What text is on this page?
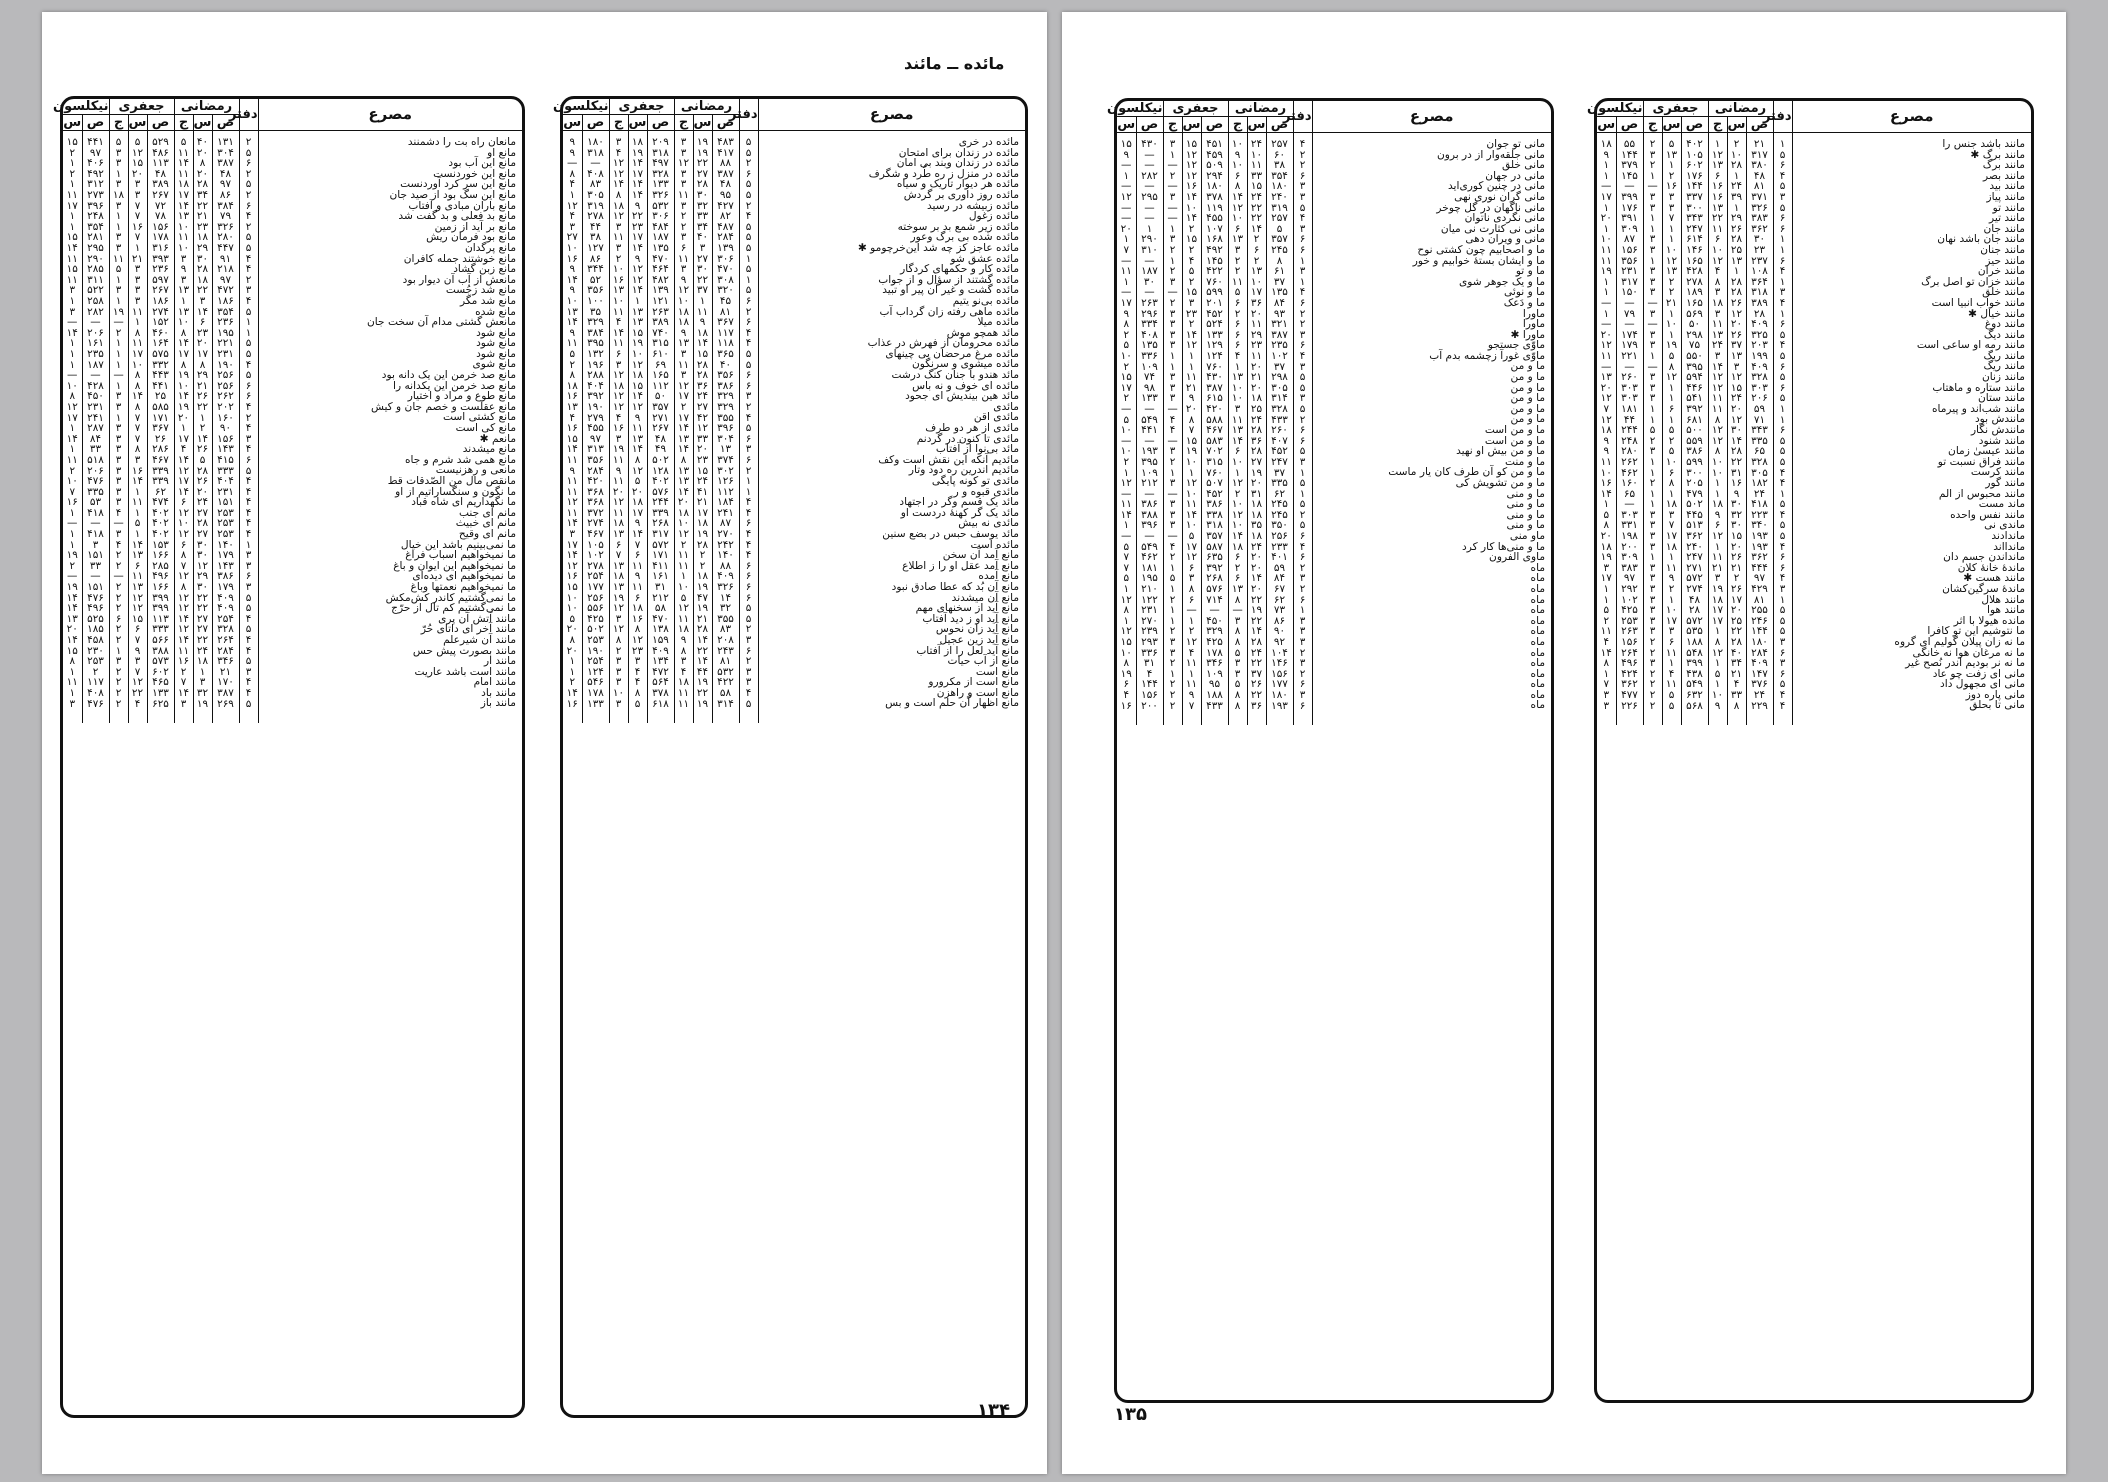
مائده ــ مائند
مصرع	دفتر	رمضانی			جعفری			نیکلسون	
		ص	س	ج	ص	س	ج	ص	س
مانعان راه بت را دشمنند	۲	۱۳۱	۴۰	۵	۵۲۹	۵	۵	۴۴۱	۱۵
مانع او	۵	۳۰۴	۲۰	۱۱	۴۸۶	۱۲	۳	۹۷	۲
مانع این آب بود	۶	۳۸۷	۸	۱۴	۱۱۳	۱۵	۳	۴۰۶	۱
مانع این خوردنست	۲	۴۸	۲۰	۱۱	۴۸	۲۰	۱	۴۹۲	۲
مانع این سر کرد آوردنست	۵	۹۷	۲۸	۱۸	۳۸۹	۳	۳	۳۱۲	۱
مانع این سگ بود از صید جان	۲	۸۶	۳۴	۱۷	۲۶۷	۳	۱۸	۲۷۳	۱۱
مانع باران مبادی و آفتاب	۶	۳۸۴	۲۲	۱۴	۷۲	۷	۳	۳۹۶	۱۷
مانع بد فعلی و بد گفت شد	۴	۷۹	۲۱	۱۳	۷۸	۷	۱	۲۴۸	۱
مانع بر آید از زمین	۲	۳۲۶	۲۳	۱۰	۱۵۶	۱۶	۱	۳۵۴	۱
مانع بود فرمان ریش	۵	۲۸۰	۱۸	۱۱	۱۷۸	۷	۳	۲۸۱	۱۵
مانع پرگدان	۵	۴۴۷	۲۹	۱۰	۳۱۶	۱	۳	۲۹۵	۱۴
مانع خوشتند جمله کافران	۴	۹۱	۳۰	۳	۳۹۳	۲۱	۱۱	۲۹۰	۱۱
مانع زبن گشاد	۴	۲۱۸	۲۸	۹	۲۳۶	۳	۵	۲۸۵	۱۵
مانعش از آب آن دیوار بود	۲	۹۷	۱۸	۳	۵۹۷	۳	۱	۳۱۱	۱۱
مانع شد زجُست	۳	۴۷۲	۲۲	۱۳	۲۶۷	۳	۳	۵۲۲	۳
مانع شد مگر	۴	۱۸۶	۳	۱	۱۸۶	۳	۱	۲۵۸	۱
مانع شده	۵	۳۵۴	۱۴	۱۳	۲۷۴	۱۱	۱۹	۲۸۲	۳
مانعش گشتی مدام آن سخت جان	۱	۲۳۶	۶	۱۰	۱۵۲	۱	—	—	—
مانع شود	۱	۱۹۵	۲۳	۸	۴۶۰	۸	۲	۲۰۶	۱۴
مانع شود	۵	۲۲۱	۲۰	۱۴	۱۶۴	۱۱	۱	۱۶۱	۱
مانع شود	۵	۲۳۱	۱۷	۱۷	۵۷۵	۱۷	۱	۲۳۵	۱
مانع شوی	۴	۱۹۰	۸	۸	۳۳۲	۱۰	۱	۱۸۷	۱
مانع صد خرمن این یک دانه بود	۵	۲۵۶	۲۹	۱۹	۴۴۳	۸	—	—	—
مانع صد خرمن این یکدانه را	۶	۲۵۶	۲۱	۱۰	۴۴۱	۸	۱	۴۲۸	۱۰
مانع طوع و مراد و اختیار	۶	۲۶۲	۲۶	۱۴	۲۵	۱۴	۳	۴۵۰	۸
مانع عقلست و خصم جان و کیش	۴	۲۰۲	۲۲	۱۹	۵۸۵	۸	۳	۲۳۱	۱۲
مانع کشتی است	۲	۱۶۰	۱	۲۰	۱۷۱	۷	۱	۲۴۱	۱۷
مانع کی است	۴	۹۰	۲	۱	۳۶۷	۷	۳	۲۸۷	۱
مانعم ✱	۳	۱۵۶	۱۴	۱۷	۲۶	۷	۳	۸۴	۱۴
مانع میشدند	۴	۱۴۳	۲۶	۴	۲۸۶	۸	۳	۳۳	۱
مانع همی شد شرم و جاه	۶	۴۱۵	۵	۱۴	۴۶۷	۳	۳	۵۱۸	۱۱
مانعی و رهزنیست	۵	۳۳۳	۲۸	۱۲	۳۳۹	۱۶	۳	۲۰۶	۲
مانقص مال من الصّدقات قط	۴	۴۰۴	۲۶	۱۷	۳۳۹	۱۴	۳	۴۷۶	۱۰
ما نگون و سنگساراتیم از او	۴	۲۳۱	۲۰	۱۴	۶۲	۱	۳	۳۳۵	۷
ما نگهداریم ای شاه قباد	۴	۱۵۱	۲۴	۶	۴۷۴	۱۱	۳	۵۳	۱۶
مانم ای جنب	۴	۲۵۳	۲۷	۱۲	۴۰۲	۱	۴	۴۱۸	۱
مانم ای خبیث	۴	۲۵۳	۲۸	۱۰	۴۰۲	۵	—	—	—
مانم ای وقیح	۴	۲۵۳	۲۷	۱۲	۴۰۲	۱	۳	۴۱۸	۱
ما نمی‌بینیم باشد این خیال	۱	۱۴۰	۳۰	۶	۱۵۳	۱۴	۴	۳	۱
ما نمیخواهیم اسباب فراغ	۳	۱۷۹	۳۰	۸	۱۶۶	۱۳	۲	۱۵۱	۱۹
ما نمیخواهیم این ایوان و باغ	۳	۱۴۳	۱۲	۷	۲۸۵	۶	۲	۳۳	۲
ما نمیخواهیم ای دیده‌ای	۶	۳۸۶	۲۹	۱۲	۴۹۶	۱۱	—	—	—
ما نمیخواهیم نعمتها وباغ	۳	۱۷۹	۳۰	۸	۱۶۶	۱۳	۲	۱۵۱	۱۹
ما نمی‌گشتیم کاندر کش‌مکش	۵	۴۰۹	۲۲	۱۲	۳۹۹	۱۲	۲	۴۷۶	۱۴
ما نمی‌گشتیم کم تال از حرّج	۵	۴۰۹	۲۲	۱۲	۳۹۹	۱۲	۲	۴۹۶	۱۴
مانند آتش آن پری	۴	۲۵۴	۲۷	۱۴	۱۱۳	۱۵	۶	۵۲۵	۱۳
مانند آخر ای داتای حُرّ	۵	۳۲۸	۲۷	۱۲	۳۳۳	۶	۲	۱۸۵	۲۰
مانند آن شیرعلم	۴	۲۶۴	۲۲	۱۴	۵۶۶	۷	۲	۴۵۸	۱۴
مانند بصورت پیش حس	۴	۲۸۴	۲۴	۱۱	۳۸۸	۹	۱	۲۳۰	۱۵
مانند ار	۵	۳۴۶	۱۸	۱۶	۵۷۳	۳	۳	۲۵۳	۸
مانند است باشد عاریت	۳	۲۱	۱	۲	۶۰۲	۷	۲	۲	۱
مانند امام	۴	۱۷۰	۳	۷	۴۶۵	۱۲	۲	۱۱۷	۱۱
مانند باد	۴	۳۸۷	۳۲	۱۴	۱۳۳	۲۲	۲	۴۰۸	۱
مانند باز	۵	۲۶۹	۱۹	۳	۶۲۵	۴	۲	۴۷۶	۳
مصرع	دفتر	رمضانی			جعفری			نیکلسون	
		ص	س	ج	ص	س	ج	ص	س
مائده در خری	۵	۴۸۳	۱۹	۳	۲۰۹	۱۸	۳	۱۸۰	۹
مائده در زندان برای امتحان	۵	۴۱۷	۱۹	۳	۳۱۸	۱۹	۴	۳۱۸	۹
مائده در زندان وبند بی امان	۲	۸۸	۲۲	۱۲	۴۹۷	۱۴	۱۲	—	—
مائده در منزل ز ره طُرد و شگرف	۶	۳۸۷	۲۷	۳	۳۲۸	۱۷	۱۲	۴۰۸	۸
مائده هر دیوار تاریک و سیاه	۵	۴۸	۲۸	۳	۱۳۳	۱۴	۱۴	۸۳	۴
مائده روز داوری بر گردش	۵	۹۵	۳۰	۱۱	۳۲۶	۱۴	۸	۳۰۵	۱
مائده زبیشه در رسید	۲	۴۲۷	۳۲	۳	۵۳۲	۹	۱۸	۳۱۹	۱۲
مائده زغول	۴	۸۲	۳۳	۲	۳۰۶	۲۲	۱۲	۲۷۸	۴
مائده زیر شمع بد بر سوخته	۵	۴۸۷	۳۴	۲	۴۸۴	۲۳	۳	۴۴	۳
مائده شده بی برگ وعور	۵	۲۸۴	۴۰	۳	۱۸۷	۱۷	۱۱	۳۸	۲۷
مائده عاجز کز چه شد این‌خرچومو ✱	۵	۱۳۹	۳	۶	۱۳۵	۱۴	۳	۱۲۷	۱۰
مائده عشق شو	۱	۳۰۶	۲۷	۱۱	۴۷۰	۹	۲	۸۶	۱۶
مائده کار و حکمهای کردگار	۵	۴۷۰	۳۰	۳	۴۶۴	۱۲	۱۰	۳۴۴	۹
مائده گشتند از سؤال و از جواب	۱	۳۰۸	۲۲	۹	۴۸۲	۱۲	۱۶	۵۲	۱۴
مائده گشت و غیر آن پیر او تبید	۵	۳۲۰	۳۷	۱۲	۱۳۹	۱۴	۱۳	۳۵۶	۹
مائده بی‌نو یتیم	۶	۴۵	۱	۱۰	۱۲۱	۱	۱۰	۱۰۰	۱۰
مائده ماهی رفته زان گرداب آب	۲	۸۱	۱۱	۱۸	۲۶۳	۱۳	۱۱	۳۵	۱۳
مائده میلا	۶	۳۶۷	۹	۱۸	۳۸۹	۱۳	۴	۳۲۹	۱۴
مائد همچو موش	۴	۱۱۷	۱۸	۹	۷۴۰	۱۵	۱۴	۳۸۴	۹
مائده محرومان از فهرش در عذاب	۴	۱۱۸	۱۴	۱۳	۳۱۵	۱۹	۱۱	۳۹۵	۱۱
مائده مرغ مرحضان بی چینهای	۵	۳۶۵	۱۵	۳	۶۱۰	۱۰	۶	۱۳۲	۵
مائده میشوی و سرنگون	۵	۴۰	۲۸	۱۱	۶۹	۱۲	۳	۱۹۶	۲
مائد هندو با جنان کنگ درشت	۶	۳۵۶	۲۸	۳	۱۶۵	۱۸	۱۲	۲۸۸	۸
مائده ای خوف و نه باس	۶	۳۸۶	۳۶	۱۲	۱۱۲	۱۵	۱۸	۴۰۴	۱۸
مائد هین بیندیش ای جحود	۳	۳۲۹	۲۴	۱۷	۵۰	۱۴	۱۲	۳۹۲	۱۶
مائدی	۲	۳۲۹	۲۷	۲	۳۵۷	۱۲	۱۲	۱۹۰	۱۳
مائدی اقن	۴	۳۵۵	۴۲	۱۷	۲۷۱	۹	۴	۲۷۹	۴
مائدی از هر دو طرف	۵	۳۹۶	۱۲	۱۴	۲۶۷	۱۱	۱۶	۴۵۵	۱۶
مائدی تا کنون در گردنم	۶	۳۰۴	۳۳	۱۳	۴۸	۱۳	۳	۹۷	۱۵
مائد بی‌نوا از آفتاب	۳	۱۳	۲۰	۱۴	۴۹	۱۴	۱۹	۳۱۳	۱۴
مائدیم آنکه این نقش است وکف	۶	۳۷۴	۲۳	۸	۵۰۲	۸	۱۱	۳۵۶	۱۱
مائدیم اندرین ره دود وتار	۲	۳۰۲	۱۵	۱۳	۱۲۸	۱۲	۹	۲۸۴	۹
مائدی تو کونه پایگی	۱	۱۲۶	۲۴	۱۳	۴۰۲	۵	۱۱	۴۲۰	۱۱
مائدی قبوه و ر	۱	۱۱۲	۴۱	۱۴	۵۷۶	۲۰	۲۰	۳۶۸	۱۱
مائد یک قسم وگر در اجتهاد	۴	۱۸۴	۲۱	۲۰	۲۴۴	۱۸	۱۲	۳۶۸	۱۲
مائد یک گر کهنهٔ دردست او	۴	۲۴۱	۱۷	۱۸	۳۳۹	۱۷	۱۱	۳۷۲	۱۱
مائدی نه بیش	۶	۸۷	۱۸	۱۰	۲۶۸	۹	۱۸	۲۷۴	۱۴
مائد یوسف حبس در بضع سنین	۴	۲۷۰	۱۹	۱۲	۳۱۷	۱۴	۱۳	۴۶۷	۳
مائده است	۴	۲۴۲	۲۸	۲	۵۷۲	۷	۶	۱۰۵	۱۷
مانع آمد آن سخن	۴	۱۴۰	۲	۱۱	۱۷۱	۶	۷	۱۰۲	۱۴
مانع آمد عقل او را ز اطلاع	۶	۸۸	۲	۱۱	۴۱۱	۱۱	۱۳	۲۷۸	۱۲
مانع آمده	۶	۴۰۹	۱۸	۱	۱۶۱	۹	۱۸	۲۵۴	۱۶
مانع آن بُد که عطا صادق نبود	۶	۳۲۶	۱۹	۱۰	۳۱	۱۱	۱۳	۱۷۷	۱۵
مانع آن میشدند	۶	۱۴	۴۷	۵	۲۱۲	۶	۱۹	۲۵۶	۱۰
مانع آید از سخنهای مهم	۵	۳۲	۱۹	۱۲	۵۸	۱۸	۱۲	۵۵۶	۱۰
مانع آید او ز دید آفتاب	۵	۳۵۵	۲۱	۱۱	۴۷۰	۱۶	۳	۴۲۵	۵
مانع آید زان نحوس	۲	۸۳	۲۸	۱۸	۱۳۸	۸	۱۲	۵۰۲	۲۰
مانع آید زین عجیل	۳	۲۰۸	۱۴	۹	۱۵۹	۱۲	۸	۲۵۳	۸
مانع آید لعل را از آفتاب	۶	۲۴۳	۲۲	۸	۴۰۹	۲۳	۲	۱۹۰	۲۰
مانع از آب حیات	۲	۸۱	۱۴	۳	۱۳۴	۳	۳	۲۵۴	۱
مانع است	۳	۵۳۲	۴۴	۴	۴۷۲	۴	۳	۱۲۴	۱
مانع است از مکرورو	۳	۴۲۲	۱۹	۱۸	۵۶۴	۴	۳	۵۴۶	۲
مانع است و راهزن	۴	۵۸	۲۲	۱۱	۳۷۸	۸	۱۰	۱۷۸	۱۴
مانع اظهار آن حلم است و بس	۵	۳۱۴	۱۹	۱۱	۶۱۸	۵	۳	۱۳۳	۱۶
۱۳۴
مصرع	دفتر	رمضانی			جعفری			نیکلسون	
		ص	س	ج	ص	س	ج	ص	س
مانی تو جوان	۴	۲۵۷	۲۴	۱۰	۴۵۱	۱۵	۳	۴۳۰	۱۵
مانی جلقه‌وار از در برون	۲	۶۰	۱۰	۹	۴۵۹	۱۲	۱	—	۹
مانی خلق	۲	۳۸	۱۱	۱۰	۵۰۹	۱۲	—	—	—
مانی در جهان	۶	۳۵۴	۳۳	۶	۲۹۴	۱۲	۲	۲۸۲	۱
مانی در چنین کوری‌اید	۳	۱۸۰	۱۵	۸	۱۸۰	۱۶	—	—	—
مانی گران نوری نهی	۳	۲۴۰	۲۴	۱۴	۳۷۸	۱۴	۳	۲۹۵	۱۲
مانی ناگهان در گل چوخر	۵	۳۱۹	۲۲	۱۲	۱۱۹	۱۰	—	—	—
مانی نگردی ناتوان	۴	۲۵۷	۲۲	۱۰	۴۵۵	۱۴	—	—	—
مانی نی کثارت نی میان	۳	۵	۱۴	۶	۱۰۷	۲	۱	۱	۲۰
مانی و ویران دهی	۶	۳۵۷	۲	۱۳	۱۶۸	۱۵	۳	۲۹۰	۱
ما و اصحابیم چون کشتی نوح	۶	۲۴۵	۶	۳	۴۹۲	۲	۲	۳۱۰	۷
ما و ایشان بستهٔ خوابیم و خور	۱	۸	۲	۲	۱۴۵	۴	۱	—	—
ما و تو	۳	۶۱	۱۳	۲	۴۲۲	۵	۲	۱۸۷	۱۱
ما و یک جوهر شوی	۱	۳۷	۱۰	۱۱	۷۶۰	۲	۳	۳۰	۱
ما و نوئی	۴	۱۳۵	۱۷	۵	۵۹۹	۱۵	—	—	—
ما و دَعک	۶	۸۴	۳۶	۶	۲۰۱	۳	۲	۲۶۳	۱۷
ماورا	۲	۹۳	۲۰	۲	۴۵۲	۲۳	۳	۲۹۶	۹
ماورا	۲	۳۲۱	۱۱	۶	۵۲۴	۲	۳	۳۳۴	۸
ماورا ✱	۳	۳۸۷	۲۹	۶	۱۳۳	۱۴	۳	۴۰۸	۲
ماوّی جستجو	۶	۲۳۵	۲۳	۶	۱۲۹	۱۲	۳	۱۳۵	۵
ماوّی غورآ زچشمه بدم آب	۴	۱۰۲	۱۱	۴	۱۲۴	۱	۱	۳۳۶	۱۰
ما و من	۳	۳۷	۲۰	۱	۷۶۰	۱	۱	۱۰۹	۲
ما و من	۵	۲۹۸	۲۱	۱۳	۴۳۰	۱۱	۳	۷۴	۱۵
ما و من	۵	۳۰۵	۲۰	۱۰	۳۸۷	۲۱	۳	۹۸	۱۷
ما و من	۳	۳۱۴	۱۸	۱۰	۶۱۵	۹	۳	۱۳۳	۲
ما و من	۵	۳۲۸	۲۵	۳	۴۲۰	۲۰	—	—	—
ما و من	۲	۴۳۳	۲۴	۱۱	۵۸۸	۸	۴	۵۴۹	۵
ما و من است	۶	۲۶۰	۲۸	۱۳	۴۶۷	۷	۴	۴۴۱	۱۰
ما و من است	۶	۴۰۷	۳۶	۱۴	۵۸۳	۱۵	—	—	—
ما و من بیش او نهید	۵	۴۵۲	۲۸	۶	۷۰۲	۱۹	۳	۱۹۳	۱۰
ما و منت	۳	۲۴۷	۲۷	۱۰	۳۱۵	۱۰	۲	۳۹۵	۲
ما و من کو آن طرف کان یار ماست	۱	۳۷	۱۹	۱	۷۶۰	۱	۱	۱۰۹	۱
ما و من تشویش کی	۵	۳۳۵	۲۰	۱۲	۵۰۷	۱۲	۳	۲۱۲	۱۲
ما و منی	۱	۶۲	۳۱	۲	۴۵۲	۱۰	—	—	—
ما و منی	۵	۲۴۵	۱۸	۱۰	۳۸۶	۱۱	۳	۳۸۶	۱۱
ما و منی	۲	۲۴۵	۱۸	۱۲	۳۳۸	۱۴	۳	۳۸۸	۱۴
ما و منی	۵	۳۵۰	۳۵	۱۰	۳۱۸	۱۰	۳	۳۹۶	۱
ماو منی	۶	۲۵۶	۱۸	۱۴	۳۵۷	۵	—	—	—
ما و منی‌ها کار کرد	۴	۲۳۳	۲۴	۱۸	۵۸۷	۱۷	۴	۵۴۹	۵
ماوی الفرون	۶	۴۰۱	۲۰	۶	۶۳۵	۱۲	۲	۴۶۲	۷
ماه	۲	۵۹	۲۰	۲	۳۹۲	۶	۱	۱۸۱	۷
ماه	۳	۸۴	۱۴	۶	۲۶۸	۳	۵	۱۹۵	۵
ماه	۲	۶۷	۲۰	۱۳	۵۷۶	۸	۱	۲۱۰	۱
ماه	۶	۶۲	۲۲	۸	۷۱۴	۶	۲	۱۲۲	۱۲
ماه	۱	۷۳	۱۹	—	—	—	۱	۲۳۱	۸
ماه	۳	۸۶	۲۲	۳	۴۵۰	۱	۱	۲۷۰	۱
ماه	۳	۹۰	۱۴	۸	۳۲۹	۲	۲	۲۳۹	۱۲
ماه	۳	۹۲	۲۸	۸	۴۲۵	۱۲	۳	۲۹۳	۱۵
ماه	۲	۱۰۴	۲۴	۵	۱۷۸	۴	۳	۳۳۶	۱۰
ماه	۳	۱۴۶	۲۲	۳	۳۴۶	۱۱	۲	۳۱	۸
ماه	۲	۱۵۶	۳۷	۳	۱۰۹	۱	۱	۴	۱۹
ماه	۶	۱۷۷	۲۶	۵	۹۵	۱۱	۲	۱۴۴	۶
ماه	۳	۱۸۰	۲۲	۸	۱۸۸	۹	۲	۱۵۶	۴
ماه	۶	۱۹۳	۳۶	۸	۴۳۳	۷	۲	۲۰۰	۱۶
مصرع	دفتر	رمضانی			جعفری			نیکلسون	
		ص	س	ج	ص	س	ج	ص	س
مانند باشد جنس را	۱	۲۱	۲	۱	۴۰۲	۵	۲	۵۵	۱۸
مانند برگ ✱	۵	۳۱۷	۱۰	۱۲	۱۰۵	۱۳	۳	۱۴۴	۹
مانند برگ	۶	۳۸۰	۲۸	۱۳	۶۰۲	۱	۲	۳۷۹	۱
مانند بصر	۴	۴۸	۱	۶	۱۷۶	۲	۱	۱۴۵	۱
مانند بید	۵	۸۱	۲۴	۱۶	۱۴۴	۱۶	—	—	—
مانند پیاز	۳	۳۷۱	۳۹	۱۶	۳۳۷	۳	۳	۳۹۹	۱۷
مانند تو	۵	۳۲۶	۱	۱۳	۳۰۰	۳	۳	۱۷۶	۱
مانند تیر	۶	۳۸۳	۲۹	۲۲	۳۴۳	۷	۱	۳۹۱	۲۰
مانند جان	۶	۳۶۲	۲۶	۱۱	۲۴۷	۱	۱	۳۰۹	۱
مانند جان باشد نهان	۱	۳۰	۲۸	۶	۶۱۴	۱	۳	۸۷	۱۰
مانند جنان	۱	۲۳	۲۵	۱۰	۱۴۶	۱۰	۳	۱۵۶	۱۱
مانند حیز	۶	۲۳۷	۱۳	۱۲	۱۶۵	۱۲	۱	۳۵۶	۱۱
مانند خران	۴	۱۰۸	۱	۴	۴۲۸	۱۳	۳	۲۳۱	۱۹
مانند خزان تو اصل برگ	۱	۳۶۴	۲۸	۸	۲۷۸	۲	۳	۳۱۷	۱
مانند خلق	۳	۳۱۸	۲۸	۳	۱۸۹	۲	۳	۱۵۰	۱
مانند خواب انبیا است	۴	۳۸۹	۲۶	۱۸	۱۶۵	۲۱	—	—	—
مانند خیال ✱	۱	۲۸	۱۲	۳	۵۶۹	۱	۳	۷۹	۱
مانند دوغ	۶	۴۰۹	۲۰	۱۱	۵۰	۱۰	—	—	—
مانند دیگ	۵	۳۲۵	۲۶	۱۳	۲۹۸	۱	۳	۱۷۴	۲۰
مانند رمه او ساعی است	۴	۲۰۳	۳۷	۲۴	۷۵	۱۹	۳	۱۷۹	۱۲
مانند ریگ	۵	۱۹۹	۱۳	۳	۵۵۰	۵	۱	۲۲۱	۱۱
مانند ریگ	۶	۴۰۹	۳	۱۴	۳۹۵	۸	—	—	—
مانند زنان	۵	۳۲۸	۱۲	۱۲	۵۹۴	۱۲	۳	۲۶۰	۱۳
مانند ستاره و ماهتاب	۶	۳۰۳	۱۵	۱۲	۴۴۶	۱	۳	۳۰۳	۲۰
مانند ستان	۵	۲۰۶	۲۴	۱۱	۵۴۱	۱	۳	۳۰۳	۱۲
مانند شب‌اند و پیرماه	۱	۵۹	۲۰	۱۱	۳۹۲	۶	۱	۱۸۱	۷
مانندش بود	۱	۷۱	۱۲	۸	۶۸۱	۱	۱	۴۴	۱۲
مانندش نگار	۶	۳۴۳	۳۰	۱۲	۵۰۰	۵	۵	۲۴۴	۱۸
مانند شنود	۵	۳۳۵	۱۴	۱۲	۵۵۹	۲	۲	۲۴۸	۹
مانند عیسیٰ زمان	۵	۶۵	۲۸	۸	۳۸۶	۵	۳	۲۸۰	۹
مانند فراق نسبت تو	۵	۳۲۸	۲۲	۱۰	۵۹۹	۱۰	۱	۲۶۲	۱۱
مانند کرست	۴	۳۰۵	۳۱	۱۰	۳۰۰	۶	۱	۴۶۲	۱۰
مانند گور	۴	۱۸۲	۱۶	۱	۲۰۵	۸	۲	۱۶۰	۱۶
مانند محبوس از الم	۱	۲۴	۹	۱	۴۷۹	۱	۱	۶۵	۱۴
ماند مست	۵	۴۱۸	۳۰	۱۸	۵۰۲	۱۸	۱	—	۱
مانند نفس واحده	۴	۲۲۳	۳۲	۹	۴۴۵	۳	۳	۳۰۳	۵
ماندی نی	۵	۳۴۰	۳۰	۶	۵۱۳	۷	۳	۳۳۱	۸
ماندادند	۵	۱۹۳	۱۵	۱۲	۳۶۲	۱۷	۳	۱۹۸	۲۰
ماندااند	۴	۱۹۳	۲۰	۱	۲۴۰	۱۸	۳	۲۰۰	۱۸
مانداندن جسم دان	۶	۳۶۲	۲۶	۱۱	۲۴۷	۱	۱	۳۰۹	۱۹
ماندهٔ خانهٔ کلان	۶	۴۴۴	۲۱	۲۱	۲۷۱	۱۱	۳	۳۸۳	۳
مانند هست ✱	۴	۹۷	۲	۳	۵۷۲	۹	۳	۹۷	۱۷
ماندهٔ سرگین‌کشان	۳	۴۲۹	۲۶	۱۹	۲۷۴	۲	۳	۲۹۲	۱
مانند هلال	۱	۸۱	۱۷	۱۸	۴۸	۱	۳	۱۰۲	۱
مانند هوا	۵	۲۵۵	۲۰	۱۷	۲۸	۱۰	۳	۴۲۵	۵
مانده هیولا با اثر	۵	۲۴۶	۲۵	۱۷	۵۷۲	۱۷	۳	۲۵۳	۲
ما نتوشیم این تو کافرا	۵	۱۴۴	۲۲	۱	۵۳۵	۳	۳	۲۶۳	۱۱
ما نه زان پیلان گولیم ای گروه	۳	۱۸۰	۲۸	۸	۱۸۸	۶	۲	۱۵۶	۴
ما نه مرغان هوا نه خانگی	۶	۲۸۴	۴۰	۱۲	۵۴۸	۱۱	۲	۲۶۴	۱۴
ما نه نر بودیم اندر نُصح غیر	۳	۴۰۹	۳۴	۱	۳۹۹	۱	۳	۴۹۶	۸
مانی ای زفت چو عاد	۶	۱۴۷	۲۱	۵	۴۳۸	۴	۲	۴۲۴	۱
مانی ای مجهول داد	۵	۳۷۶	۴	۱	۵۴۹	۱۱	۲	۳۶۲	۷
مانی پاره دوز	۴	۲۴	۳۳	۱۰	۶۳۲	۵	۲	۴۷۷	۳
مانی تا بحلق	۴	۲۲۹	۸	۹	۵۶۸	۵	۲	۲۲۶	۳
۱۳۵
